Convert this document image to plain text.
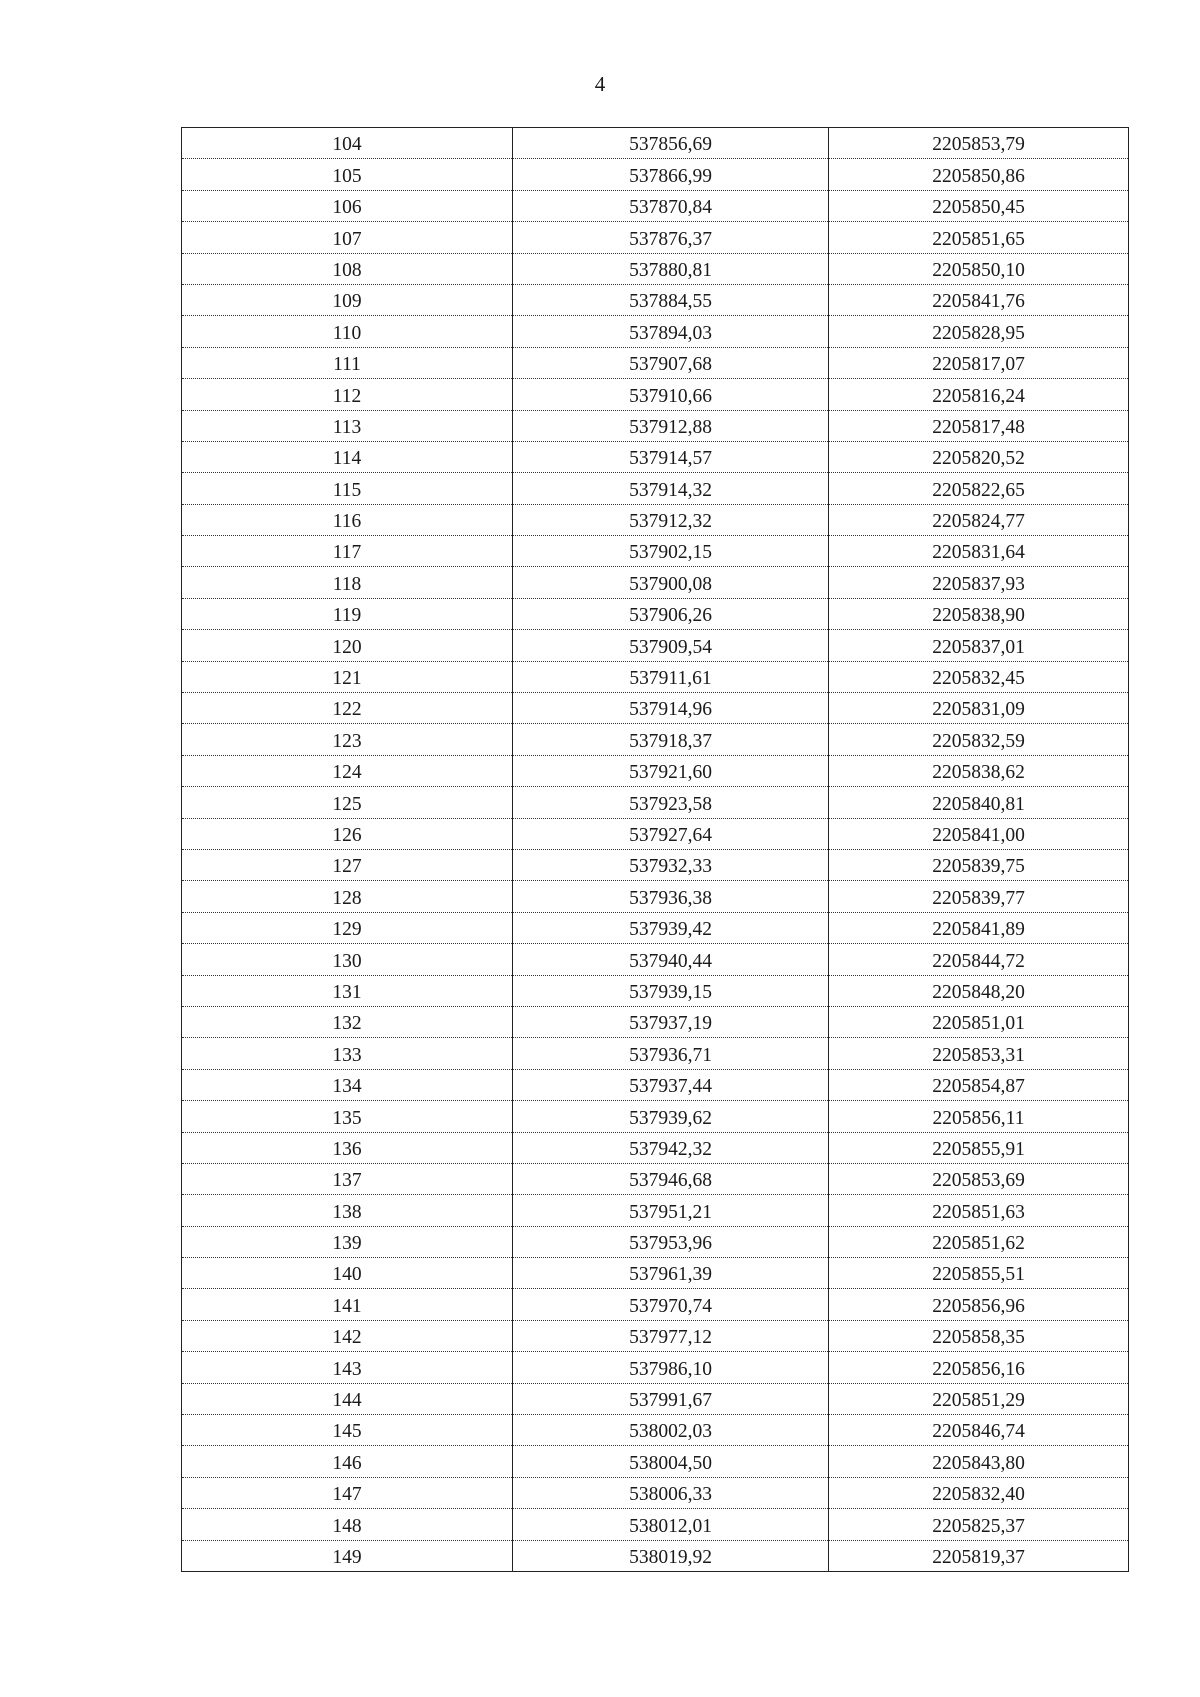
4
104	537856,69	2205853,79
105	537866,99	2205850,86
106	537870,84	2205850,45
107	537876,37	2205851,65
108	537880,81	2205850,10
109	537884,55	2205841,76
110	537894,03	2205828,95
111	537907,68	2205817,07
112	537910,66	2205816,24
113	537912,88	2205817,48
114	537914,57	2205820,52
115	537914,32	2205822,65
116	537912,32	2205824,77
117	537902,15	2205831,64
118	537900,08	2205837,93
119	537906,26	2205838,90
120	537909,54	2205837,01
121	537911,61	2205832,45
122	537914,96	2205831,09
123	537918,37	2205832,59
124	537921,60	2205838,62
125	537923,58	2205840,81
126	537927,64	2205841,00
127	537932,33	2205839,75
128	537936,38	2205839,77
129	537939,42	2205841,89
130	537940,44	2205844,72
131	537939,15	2205848,20
132	537937,19	2205851,01
133	537936,71	2205853,31
134	537937,44	2205854,87
135	537939,62	2205856,11
136	537942,32	2205855,91
137	537946,68	2205853,69
138	537951,21	2205851,63
139	537953,96	2205851,62
140	537961,39	2205855,51
141	537970,74	2205856,96
142	537977,12	2205858,35
143	537986,10	2205856,16
144	537991,67	2205851,29
145	538002,03	2205846,74
146	538004,50	2205843,80
147	538006,33	2205832,40
148	538012,01	2205825,37
149	538019,92	2205819,37
